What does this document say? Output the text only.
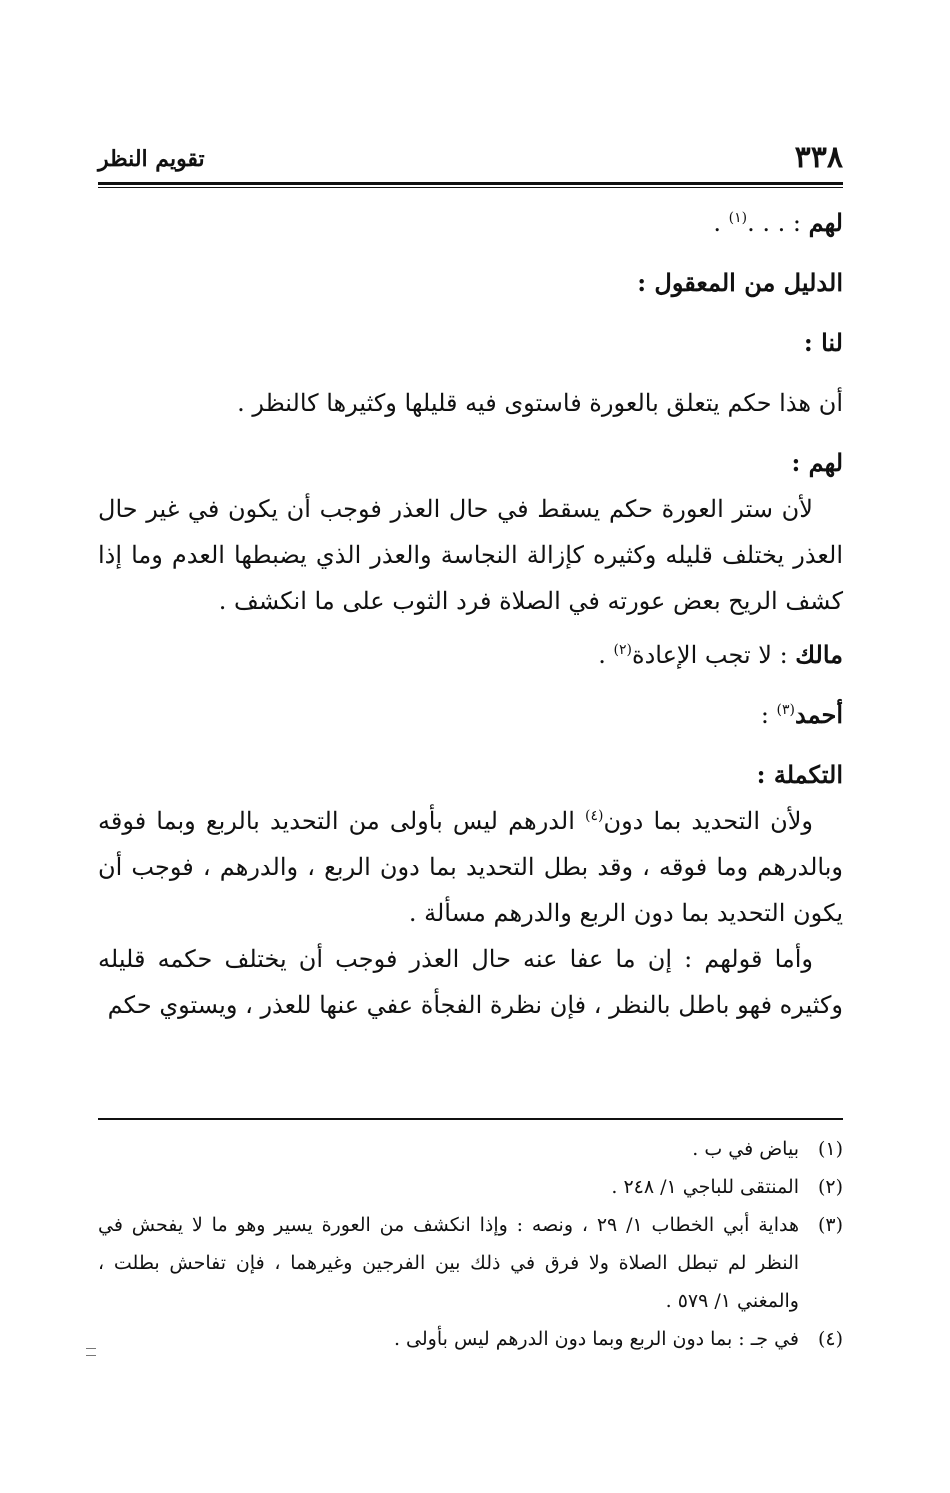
٣٣٨
تقويم النظر

لهم : . . .$^{(١)}$ .

الدليل من المعقول :

لنا :

أن هذا حكم يتعلق بالعورة فاستوى فيه قليلها وكثيرها كالنظر .

لهم :

لأن ستر العورة حكم يسقط في حال العذر فوجب أن يكون في غير حال العذر يختلف قليله وكثيره كإزالة النجاسة والعذر الذي يضبطها العدم وما إذا كشف الريح بعض عورته في الصلاة فرد الثوب على ما انكشف .

مالك : لا تجب الإعادة$^{(٢)}$ .

أحمد$^{(٣)}$ :

التكملة :

ولأن التحديد بما دون$^{(٤)}$ الدرهم ليس بأولى من التحديد بالربع وبما فوقه وبالدرهم وما فوقه ، وقد بطل التحديد بما دون الربع ، والدرهم ، فوجب أن يكون التحديد بما دون الربع والدرهم مسألة .

وأما قولهم : إن ما عفا عنه حال العذر فوجب أن يختلف حكمه قليله وكثيره فهو باطل بالنظر ، فإن نظرة الفجأة عفي عنها للعذر ، ويستوي حكم

(١)
بياض في ب .
(٢)
المنتقى للباجي ١/ ٢٤٨ .
(٣)
هداية أبي الخطاب ١/ ٢٩ ، ونصه : وإذا انكشف من العورة يسير وهو ما لا يفحش في النظر لم تبطل الصلاة ولا فرق في ذلك بين الفرجين وغيرهما ، فإن تفاحش بطلت ، والمغني ١/ ٥٧٩ .
(٤)
في جـ : بما دون الربع وبما دون الدرهم ليس بأولى .
